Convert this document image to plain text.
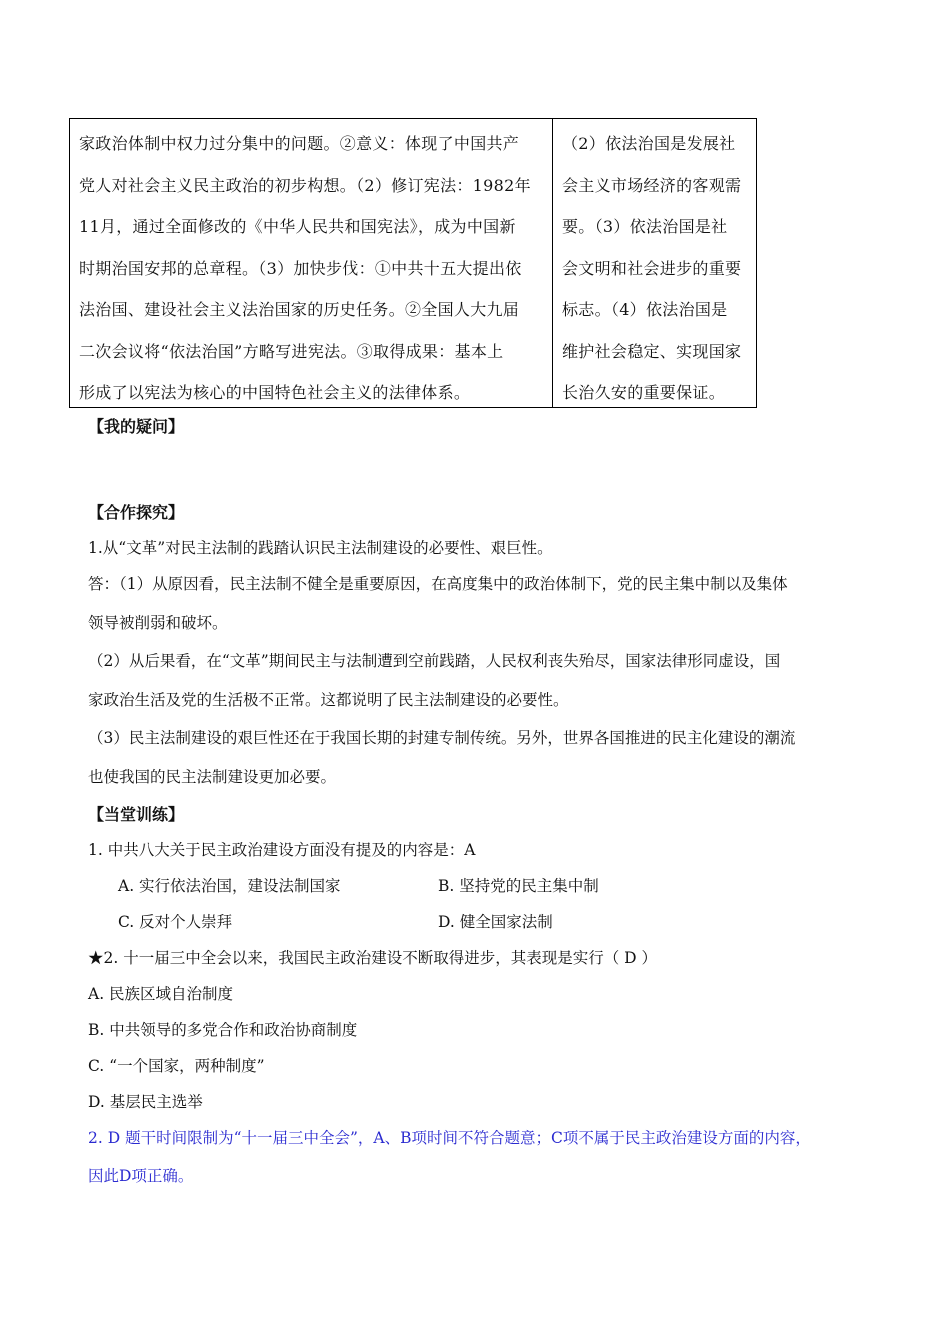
家政治体制中权力过分集中的问题。②意义：体现了中国共产
党人对社会主义民主政治的初步构想。（2）修订宪法：1982年
11月，通过全面修改的《中华人民共和国宪法》，成为中国新
时期治国安邦的总章程。（3）加快步伐：①中共十五大提出依
法治国、建设社会主义法治国家的历史任务。②全国人大九届
二次会议将“依法治国”方略写进宪法。③取得成果：基本上
形成了以宪法为核心的中国特色社会主义的法律体系。
（2）依法治国是发展社
会主义市场经济的客观需
要。（3）依法治国是社
会文明和社会进步的重要
标志。（4）依法治国是
维护社会稳定、实现国家
长治久安的重要保证。
【我的疑问】
【合作探究】
1.从“文革”对民主法制的践踏认识民主法制建设的必要性、艰巨性。
答：（1）从原因看，民主法制不健全是重要原因，在高度集中的政治体制下，党的民主集中制以及集体
领导被削弱和破坏。
（2）从后果看，在“文革”期间民主与法制遭到空前践踏，人民权利丧失殆尽，国家法律形同虚设，国
家政治生活及党的生活极不正常。这都说明了民主法制建设的必要性。
（3）民主法制建设的艰巨性还在于我国长期的封建专制传统。另外，世界各国推进的民主化建设的潮流
也使我国的民主法制建设更加必要。
【当堂训练】
1. 中共八大关于民主政治建设方面没有提及的内容是：A
A. 实行依法治国，建设法制国家	B. 坚持党的民主集中制
C. 反对个人崇拜	D. 健全国家法制
★2. 十一届三中全会以来，我国民主政治建设不断取得进步，其表现是实行（ D ）
A. 民族区域自治制度
B. 中共领导的多党合作和政治协商制度
C. “一个国家，两种制度”
D. 基层民主选举
2. D 题干时间限制为“十一届三中全会”，A、B项时间不符合题意；C项不属于民主政治建设方面的内容，
因此D项正确。
